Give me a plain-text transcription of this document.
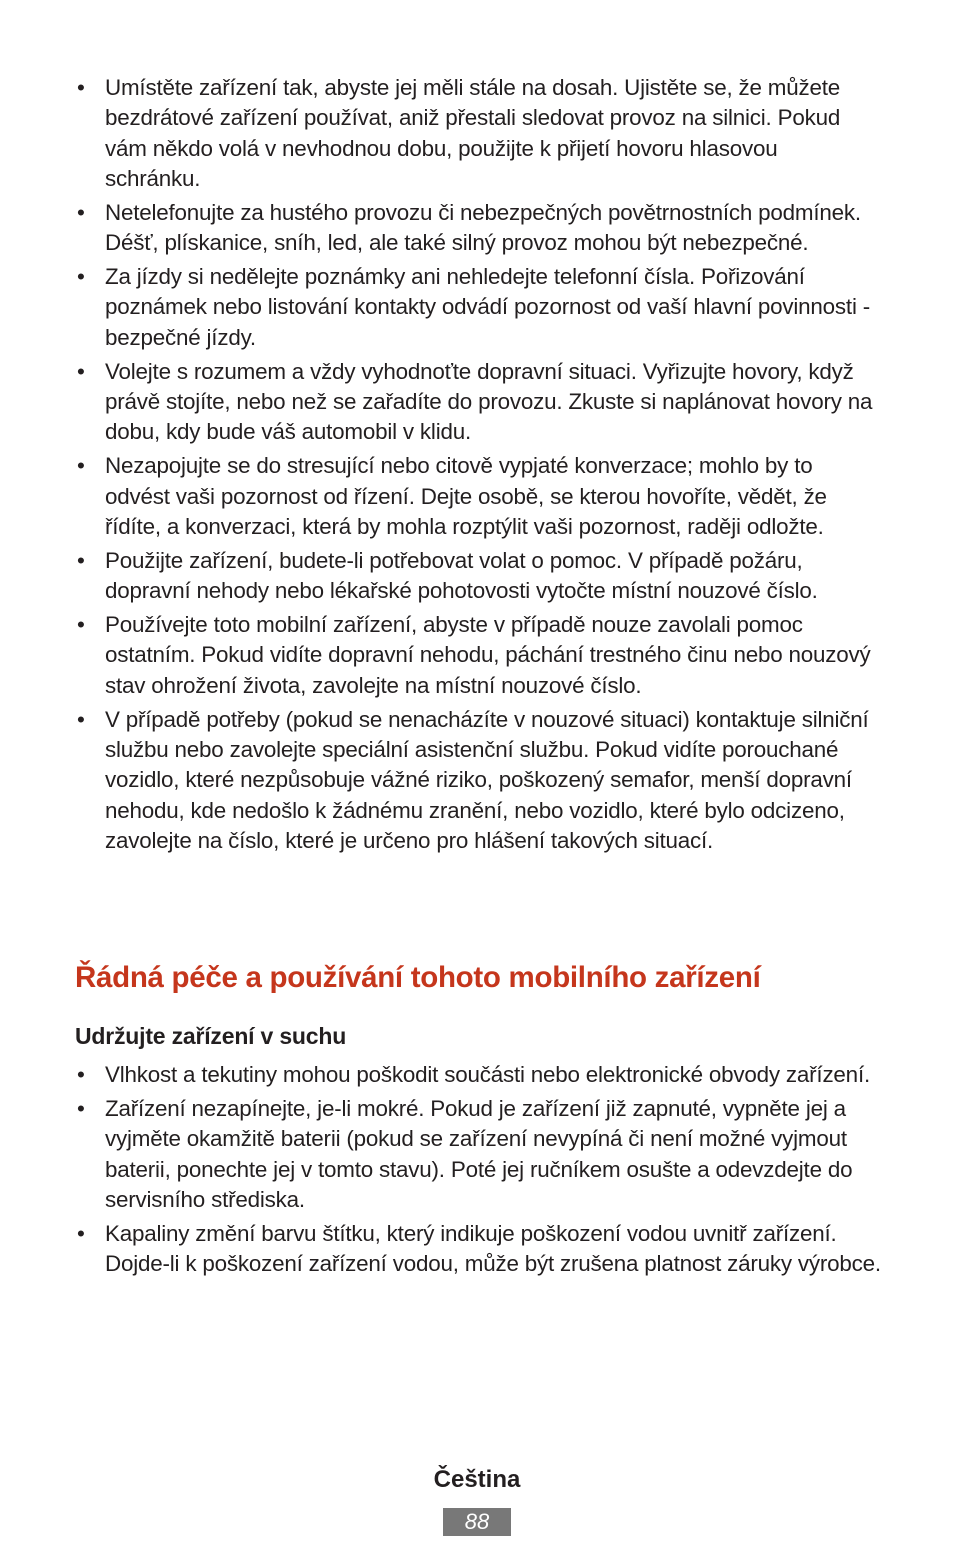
• Umístěte zařízení tak, abyste jej měli stále na dosah. Ujistěte se, že můžete bezdrátové zařízení používat, aniž přestali sledovat provoz na silnici. Pokud vám někdo volá v nevhodnou dobu, použijte k přijetí hovoru hlasovou schránku.
• Netelefonujte za hustého provozu či nebezpečných povětrnostních podmínek. Déšť, plískanice, sníh, led, ale také silný provoz mohou být nebezpečné.
• Za jízdy si nedělejte poznámky ani nehledejte telefonní čísla. Pořizování poznámek nebo listování kontakty odvádí pozornost od vaší hlavní povinnosti - bezpečné jízdy.
• Volejte s rozumem a vždy vyhodnoťte dopravní situaci. Vyřizujte hovory, když právě stojíte, nebo než se zařadíte do provozu. Zkuste si naplánovat hovory na dobu, kdy bude váš automobil v klidu.
• Nezapojujte se do stresující nebo citově vypjaté konverzace; mohlo by to odvést vaši pozornost od řízení. Dejte osobě, se kterou hovoříte, vědět, že řídíte, a konverzaci, která by mohla rozptýlit vaši pozornost, raději odložte.
• Použijte zařízení, budete-li potřebovat volat o pomoc. V případě požáru, dopravní nehody nebo lékařské pohotovosti vytočte místní nouzové číslo.
• Používejte toto mobilní zařízení, abyste v případě nouze zavolali pomoc ostatním. Pokud vidíte dopravní nehodu, páchání trestného činu nebo nouzový stav ohrožení života, zavolejte na místní nouzové číslo.
• V případě potřeby (pokud se nenacházíte v nouzové situaci) kontaktuje silniční službu nebo zavolejte speciální asistenční službu. Pokud vidíte porouchané vozidlo, které nezpůsobuje vážné riziko, poškozený semafor, menší dopravní nehodu, kde nedošlo k žádnému zranění, nebo vozidlo, které bylo odcizeno, zavolejte na číslo, které je určeno pro hlášení takových situací.
Řádná péče a používání tohoto mobilního zařízení
Udržujte zařízení v suchu
• Vlhkost a tekutiny mohou poškodit součásti nebo elektronické obvody zařízení.
• Zařízení nezapínejte, je-li mokré. Pokud je zařízení již zapnuté, vypněte jej a vyjměte okamžitě baterii (pokud se zařízení nevypíná či není možné vyjmout baterii, ponechte jej v tomto stavu). Poté jej ručníkem osušte a odevzdejte do servisního střediska.
• Kapaliny změní barvu štítku, který indikuje poškození vodou uvnitř zařízení. Dojde-li k poškození zařízení vodou, může být zrušena platnost záruky výrobce.
Čeština
88
